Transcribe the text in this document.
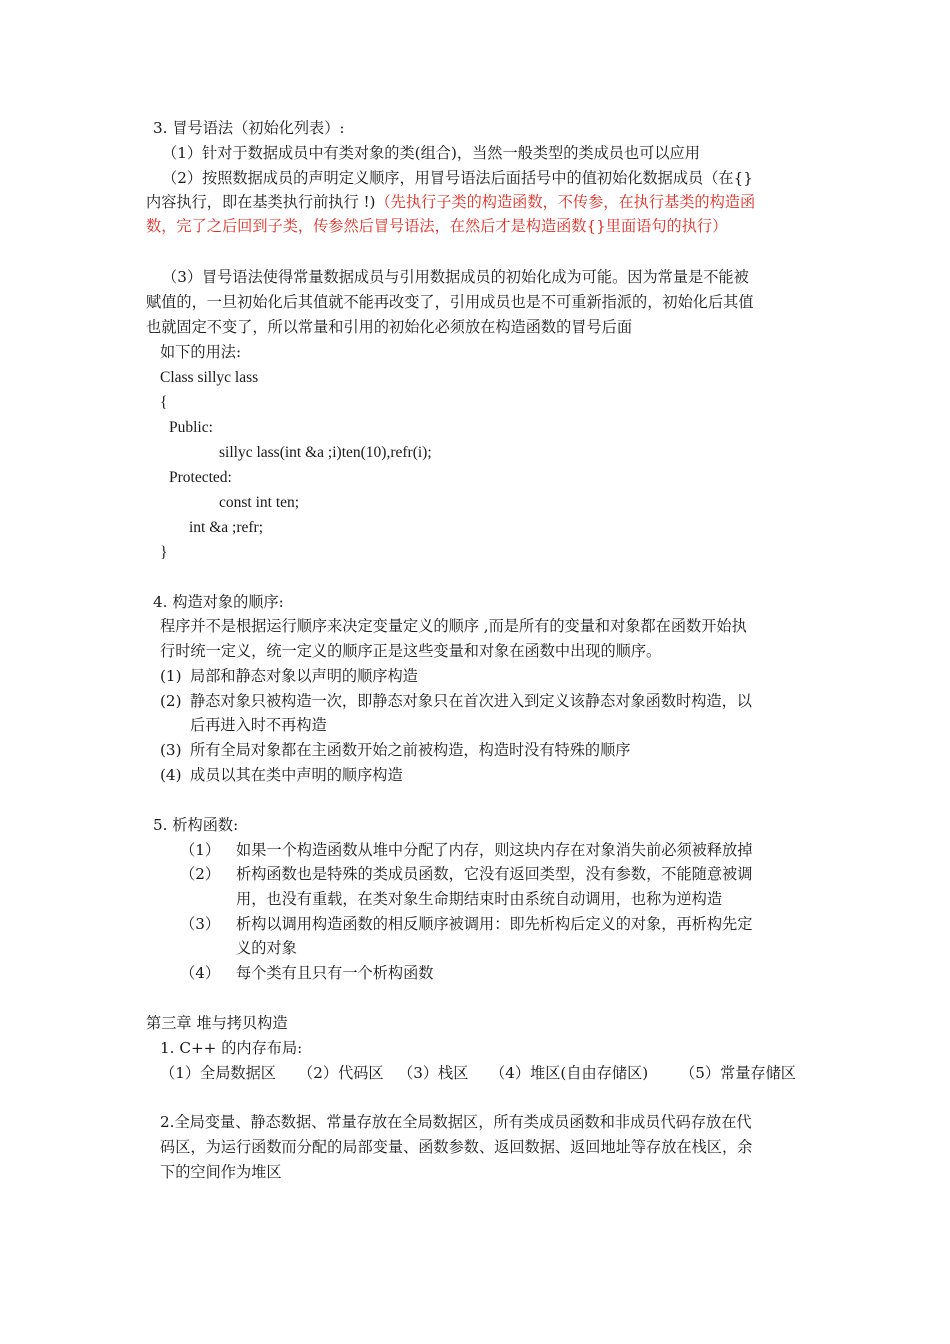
3. 冒号语法（初始化列表）:
（1）针对于数据成员中有类对象的类(组合)，当然一般类型的类成员也可以应用
（2）按照数据成员的声明定义顺序，用冒号语法后面括号中的值初始化数据成员（在{}
内容执行，即在基类执行前执行 !)（先执行子类的构造函数，不传参，在执行基类的构造函
数，完了之后回到子类，传参然后冒号语法，在然后才是构造函数{}里面语句的执行）
（3）冒号语法使得常量数据成员与引用数据成员的初始化成为可能。因为常量是不能被
赋值的，一旦初始化后其值就不能再改变了，引用成员也是不可重新指派的，初始化后其值
也就固定不变了，所以常量和引用的初始化必须放在构造函数的冒号后面
如下的用法:
Class sillyc lass
{
Public:
sillyc lass(int &a ;i)ten(10),refr(i);
Protected:
const int ten;
int &a ;refr;
}
4. 构造对象的顺序:
程序并不是根据运行顺序来决定变量定义的顺序 ,而是所有的变量和对象都在函数开始执
行时统一定义，统一定义的顺序正是这些变量和对象在函数中出现的顺序。
(1) 局部和静态对象以声明的顺序构造
(2) 静态对象只被构造一次，即静态对象只在首次进入到定义该静态对象函数时构造，以
后再进入时不再构造
(3) 所有全局对象都在主函数开始之前被构造，构造时没有特殊的顺序
(4) 成员以其在类中声明的顺序构造
5. 析构函数:
（1） 如果一个构造函数从堆中分配了内存，则这块内存在对象消失前必须被释放掉
（2） 析构函数也是特殊的类成员函数，它没有返回类型，没有参数，不能随意被调
用，也没有重载，在类对象生命期结束时由系统自动调用，也称为逆构造
（3） 析构以调用构造函数的相反顺序被调用：即先析构后定义的对象，再析构先定
义的对象
（4） 每个类有且只有一个析构函数
第三章 堆与拷贝构造
1. C++ 的内存布局:
（1）全局数据区 （2）代码区 （3）栈区 （4）堆区(自由存储区) （5）常量存储区
2.全局变量、静态数据、常量存放在全局数据区，所有类成员函数和非成员代码存放在代
码区，为运行函数而分配的局部变量、函数参数、返回数据、返回地址等存放在栈区，余
下的空间作为堆区
